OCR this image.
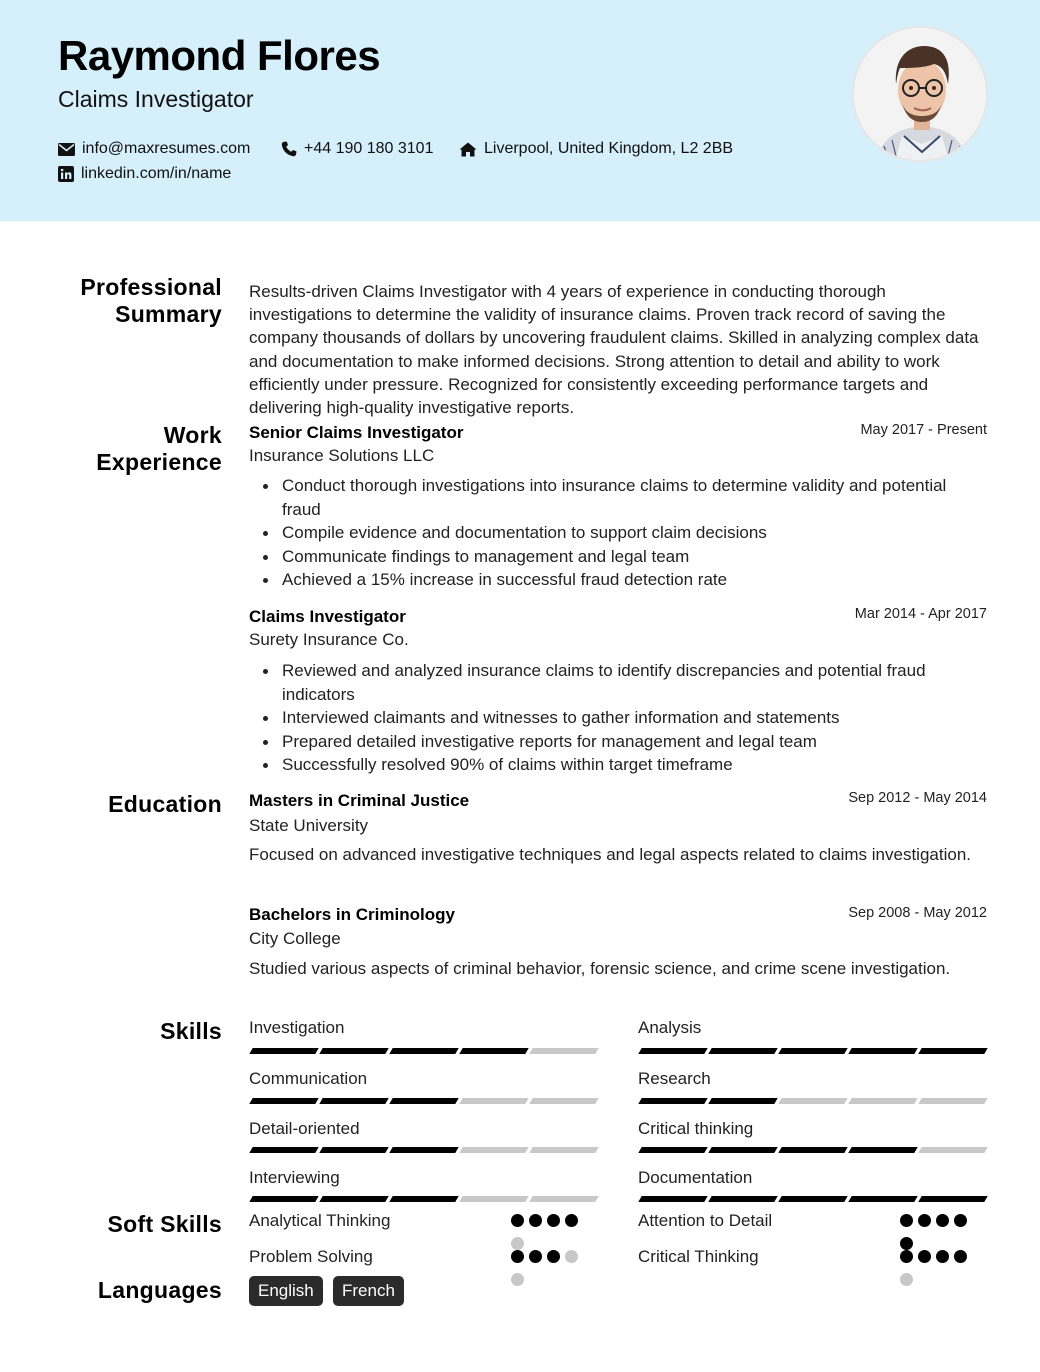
Raymond Flores
Claims Investigator
info@maxresumes.com	+44 190 180 3101	Liverpool, United Kingdom, L2 2BB
linkedin.com/in/name
Professional
Summary
Work
Experience
Education
Skills
Soft Skills
Languages
Results-driven Claims Investigator with 4 years of experience in conducting thorough investigations to determine the validity of insurance claims. Proven track record of saving the company thousands of dollars by uncovering fraudulent claims. Skilled in analyzing complex data and documentation to make informed decisions. Strong attention to detail and ability to work efficiently under pressure. Recognized for consistently exceeding performance targets and delivering high-quality investigative reports.
Senior Claims Investigator	May 2017 - Present
Insurance Solutions LLC
Conduct thorough investigations into insurance claims to determine validity and potential fraud
Compile evidence and documentation to support claim decisions
Communicate findings to management and legal team
Achieved a 15% increase in successful fraud detection rate
Claims Investigator	Mar 2014 - Apr 2017
Surety Insurance Co.
Reviewed and analyzed insurance claims to identify discrepancies and potential fraud indicators
Interviewed claimants and witnesses to gather information and statements
Prepared detailed investigative reports for management and legal team
Successfully resolved 90% of claims within target timeframe
Masters in Criminal Justice	Sep 2012 - May 2014
State University
Focused on advanced investigative techniques and legal aspects related to claims investigation.
Bachelors in Criminology	Sep 2008 - May 2012
City College
Studied various aspects of criminal behavior, forensic science, and crime scene investigation.
Investigation	Analysis
Communication	Research
Detail-oriented	Critical thinking
Interviewing	Documentation
Analytical Thinking	Attention to Detail
Problem Solving	Critical Thinking
English	French
